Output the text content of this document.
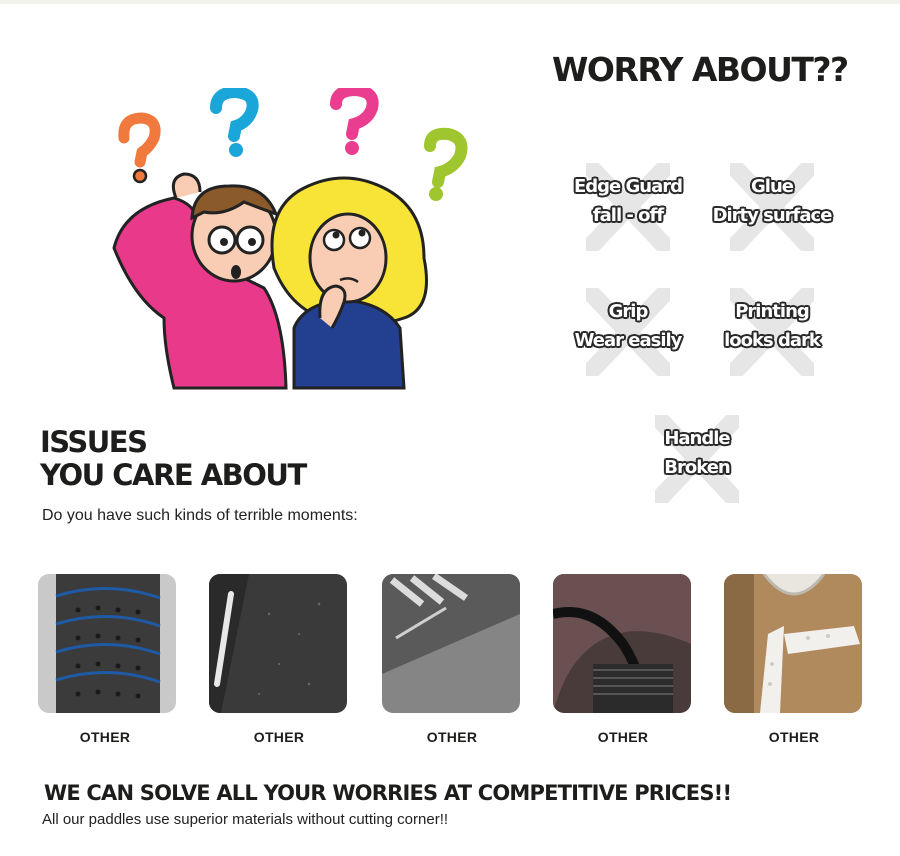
WORRY ABOUT??
Edge Guard
fall - off
Glue
Dirty surface
Grip
Wear easily
Printing
looks dark
Handle
Broken
ISSUES
YOU CARE ABOUT
Do you have such kinds of terrible moments:
OTHER	OTHER	OTHER	OTHER	OTHER
WE CAN SOLVE ALL YOUR WORRIES AT COMPETITIVE PRICES!!
All our paddles use superior materials without cutting corner!!
